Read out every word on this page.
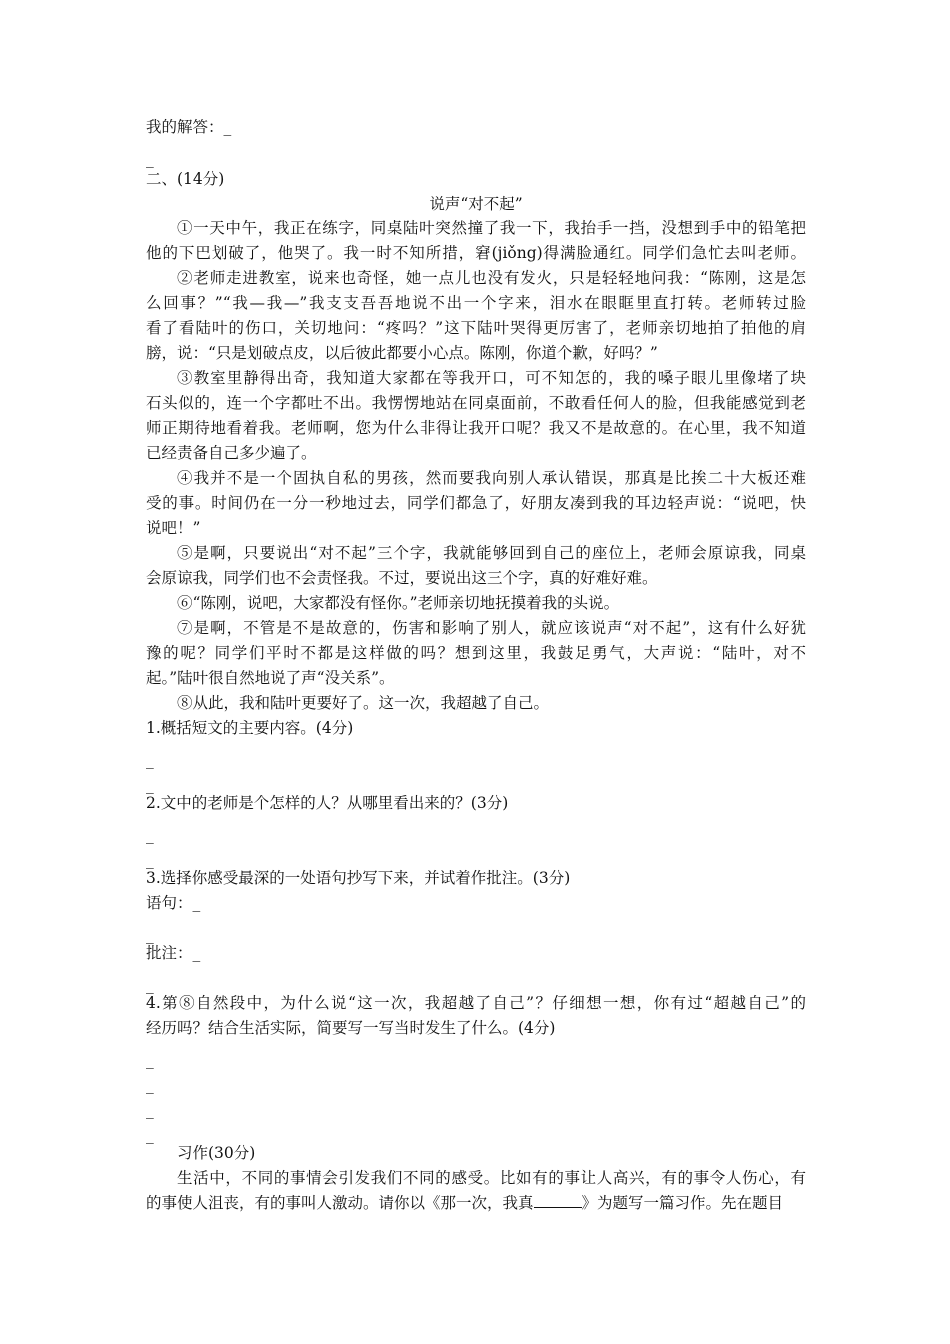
我的解答：_
_
二、(14分)
说声“对不起”
①一天中午，我正在练字，同桌陆叶突然撞了我一下，我抬手一挡，没想到手中的铅笔把
他的下巴划破了，他哭了。我一时不知所措，窘(jiǒng)得满脸通红。同学们急忙去叫老师。
②老师走进教室，说来也奇怪，她一点儿也没有发火，只是轻轻地问我：“陈刚，这是怎
么回事？”“我—我—”我支支吾吾地说不出一个字来，泪水在眼眶里直打转。老师转过脸
看了看陆叶的伤口，关切地问：“疼吗？”这下陆叶哭得更厉害了，老师亲切地拍了拍他的肩
膀，说：“只是划破点皮，以后彼此都要小心点。陈刚，你道个歉，好吗？”
③教室里静得出奇，我知道大家都在等我开口，可不知怎的，我的嗓子眼儿里像堵了块
石头似的，连一个字都吐不出。我愣愣地站在同桌面前，不敢看任何人的脸，但我能感觉到老
师正期待地看着我。老师啊，您为什么非得让我开口呢？我又不是故意的。在心里，我不知道
已经责备自己多少遍了。
④我并不是一个固执自私的男孩，然而要我向别人承认错误，那真是比挨二十大板还难
受的事。时间仍在一分一秒地过去，同学们都急了，好朋友凑到我的耳边轻声说：“说吧，快
说吧！”
⑤是啊，只要说出“对不起”三个字，我就能够回到自己的座位上，老师会原谅我，同桌
会原谅我，同学们也不会责怪我。不过，要说出这三个字，真的好难好难。
⑥“陈刚，说吧，大家都没有怪你。”老师亲切地抚摸着我的头说。
⑦是啊，不管是不是故意的，伤害和影响了别人，就应该说声“对不起”，这有什么好犹
豫的呢？同学们平时不都是这样做的吗？想到这里，我鼓足勇气，大声说：“陆叶，对不
起。”陆叶很自然地说了声“没关系”。
⑧从此，我和陆叶更要好了。这一次，我超越了自己。
1.概括短文的主要内容。(4分)
_
_
2.文中的老师是个怎样的人？从哪里看出来的？(3分)
_
_
3.选择你感受最深的一处语句抄写下来，并试着作批注。(3分)
语句：_
_
批注：_
_
4.第⑧自然段中，为什么说“这一次，我超越了自己”？仔细想一想，你有过“超越自己”的
经历吗？结合生活实际，简要写一写当时发生了什么。(4分)
_
_
_
_
习作(30分)
生活中，不同的事情会引发我们不同的感受。比如有的事让人高兴，有的事令人伤心，有
的事使人沮丧，有的事叫人激动。请你以《那一次，我真	》为题写一篇习作。先在题目
